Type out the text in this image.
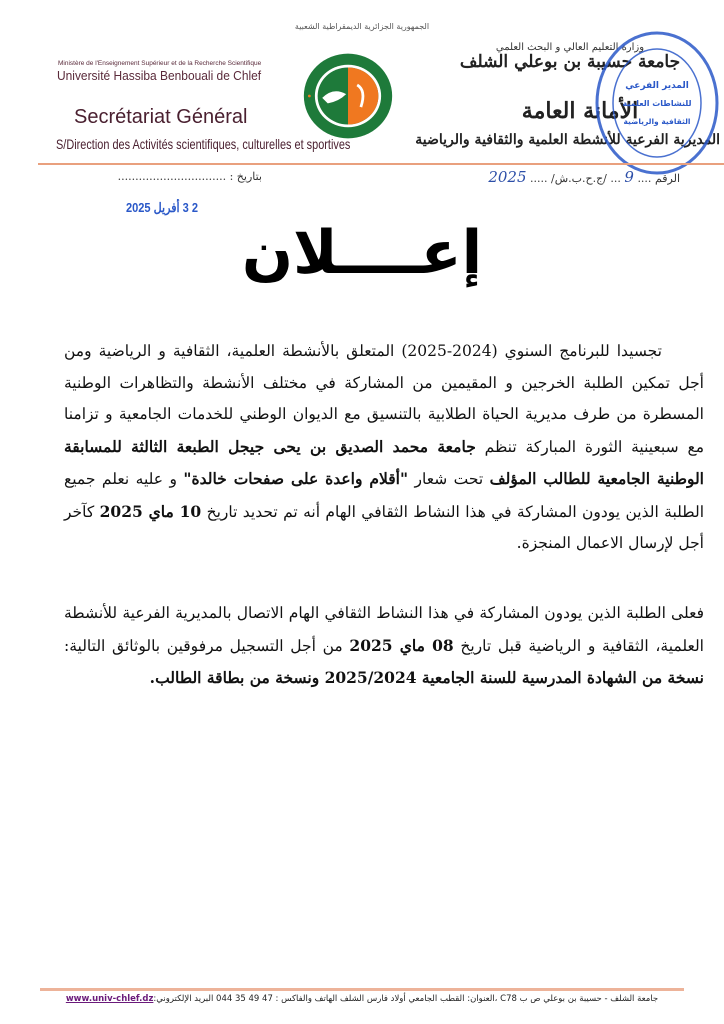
الجمهورية الجزائرية الديمقراطية الشعبية
Ministère de l'Enseignement Supérieur et de la Recherche Scientifique
Université Hassiba Benbouali de Chlef
Secrétariat Général
S/Direction des Activités scientifiques, culturelles et sportives
وزارة التعليم العالي و البحث العلمي
جامعة حسيبة بن بوعلي الشلف
الأمانة العامة
المديرية الفرعية للأنشطة العلمية والثقافية والرياضية
المدير الفرعي
للنشاطات العلمية
الثقافية والرياضية
الرقم .... 9 ... /ج.ح.ب.ش/ ..... 2025
بتاريخ : ...............................
2 3 أفريل 2025
إعــــلان
تجسيدا للبرنامج السنوي (2024-2025) المتعلق بالأنشطة العلمية، الثقافية و الرياضية ومن أجل تمكين الطلبة الخرجين و المقيمين من المشاركة في مختلف الأنشطة والتظاهرات الوطنية المسطرة من طرف مديرية الحياة الطلابية بالتنسيق مع الديوان الوطني للخدمات الجامعية و تزامنا مع سبعينية الثورة المباركة تنظم جامعة محمد الصديق بن يحى جيجل الطبعة الثالثة للمسابقة الوطنية الجامعية للطالب المؤلف تحت شعار "أقلام واعدة على صفحات خالدة" و عليه نعلم جميع الطلبة الذين يودون المشاركة في هذا النشاط الثقافي الهام أنه تم تحديد تاريخ 10 ماي 2025 كآخر أجل لإرسال الاعمال المنجزة.
فعلى الطلبة الذين يودون المشاركة في هذا النشاط الثقافي الهام الاتصال بالمديرية الفرعية للأنشطة العلمية، الثقافية و الرياضية قبل تاريخ 08 ماي 2025 من أجل التسجيل مرفوقين بالوثائق التالية: نسخة من الشهادة المدرسية للسنة الجامعية 2025/2024 ونسخة من بطاقة الطالب.
جامعة الشلف - حسيبة بن بوعلي ص ب C78 ،العنوان: القطب الجامعي أولاد فارس الشلف الهاتف والفاكس : 47 49 35 044 البريد الإلكتروني:www.univ-chlef.dz
